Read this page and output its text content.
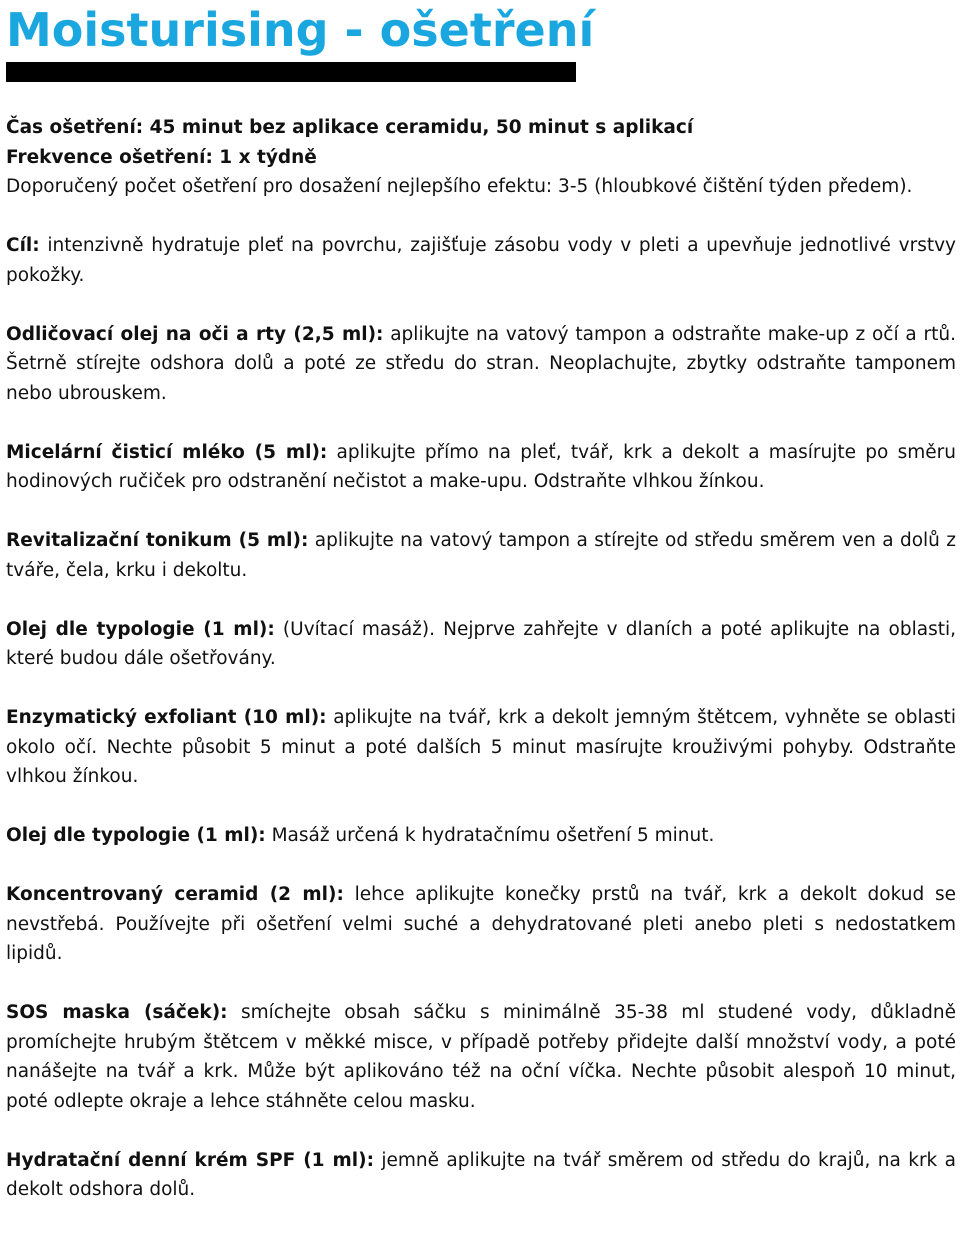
Moisturising - ošetření

Čas ošetření: 45 minut bez aplikace ceramidu, 50 minut s aplikací
Frekvence ošetření: 1 x týdně
Doporučený počet ošetření pro dosažení nejlepšího efektu: 3-5 (hloubkové čištění týden předem).

Cíl: intenzivně hydratuje pleť na povrchu, zajišťuje zásobu vody v pleti a upevňuje jednotlivé vrstvy pokožky.

Odličovací olej na oči a rty (2,5 ml): aplikujte na vatový tampon a odstraňte make-up z očí a rtů. Šetrně stírejte odshora dolů a poté ze středu do stran. Neoplachujte, zbytky odstraňte tamponem nebo ubrouskem.

Micelární čisticí mléko (5 ml): aplikujte přímo na pleť, tvář, krk a dekolt a masírujte po směru hodinových ručiček pro odstranění nečistot a make-upu. Odstraňte vlhkou žínkou.

Revitalizační tonikum (5 ml): aplikujte na vatový tampon a stírejte od středu směrem ven a dolů z tváře, čela, krku i dekoltu.

Olej dle typologie (1 ml): (Uvítací masáž). Nejprve zahřejte v dlaních a poté aplikujte na oblasti, které budou dále ošetřovány.

Enzymatický exfoliant (10 ml): aplikujte na tvář, krk a dekolt jemným štětcem, vyhněte se oblasti okolo očí. Nechte působit 5 minut a poté dalších 5 minut masírujte krouživými pohyby. Odstraňte vlhkou žínkou.

Olej dle typologie (1 ml): Masáž určená k hydratačnímu ošetření 5 minut.

Koncentrovaný ceramid (2 ml): lehce aplikujte konečky prstů na tvář, krk a dekolt dokud se nevstřebá. Používejte při ošetření velmi suché a dehydratované pleti anebo pleti s nedostatkem lipidů.

SOS maska (sáček): smíchejte obsah sáčku s minimálně 35-38 ml studené vody, důkladně promíchejte hrubým štětcem v měkké misce, v případě potřeby přidejte další množství vody, a poté nanášejte na tvář a krk. Může být aplikováno též na oční víčka. Nechte působit alespoň 10 minut, poté odlepte okraje a lehce stáhněte celou masku.

Hydratační denní krém SPF (1 ml): jemně aplikujte na tvář směrem od středu do krajů, na krk a dekolt odshora dolů.
